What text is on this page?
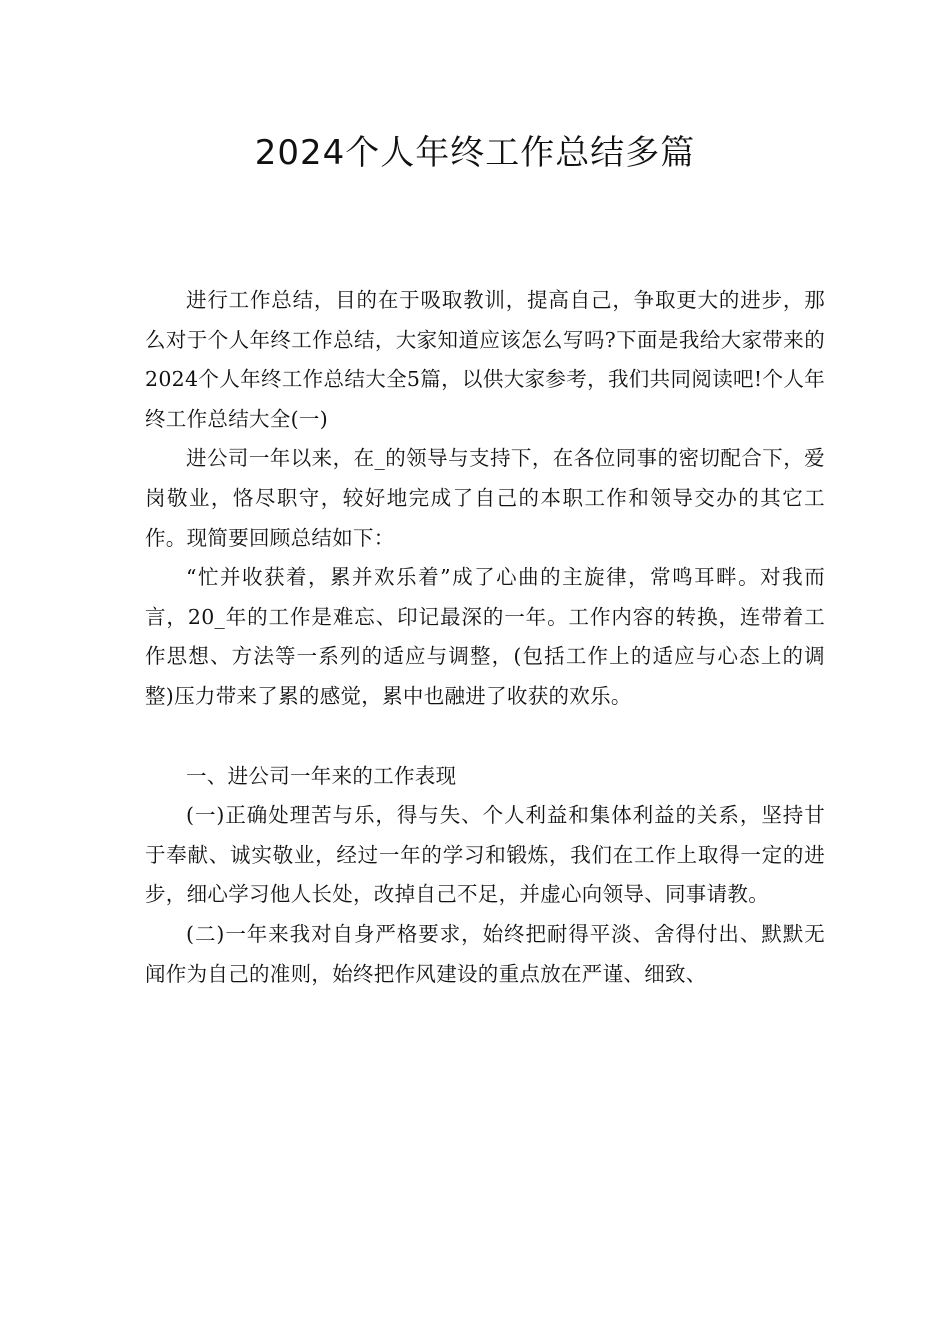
2024个人年终工作总结多篇

进行工作总结，目的在于吸取教训，提高自己，争取更大的进步，那么对于个人年终工作总结，大家知道应该怎么写吗?下面是我给大家带来的2024个人年终工作总结大全5篇，以供大家参考，我们共同阅读吧!个人年终工作总结大全(一)

进公司一年以来，在_的领导与支持下，在各位同事的密切配合下，爱岗敬业，恪尽职守，较好地完成了自己的本职工作和领导交办的其它工作。现简要回顾总结如下：

“忙并收获着，累并欢乐着”成了心曲的主旋律，常鸣耳畔。对我而言，20_年的工作是难忘、印记最深的一年。工作内容的转换，连带着工作思想、方法等一系列的适应与调整，(包括工作上的适应与心态上的调整)压力带来了累的感觉，累中也融进了收获的欢乐。

一、进公司一年来的工作表现

(一)正确处理苦与乐，得与失、个人利益和集体利益的关系，坚持甘于奉献、诚实敬业，经过一年的学习和锻炼，我们在工作上取得一定的进步，细心学习他人长处，改掉自己不足，并虚心向领导、同事请教。

(二)一年来我对自身严格要求，始终把耐得平淡、舍得付出、默默无闻作为自己的准则，始终把作风建设的重点放在严谨、细致、
